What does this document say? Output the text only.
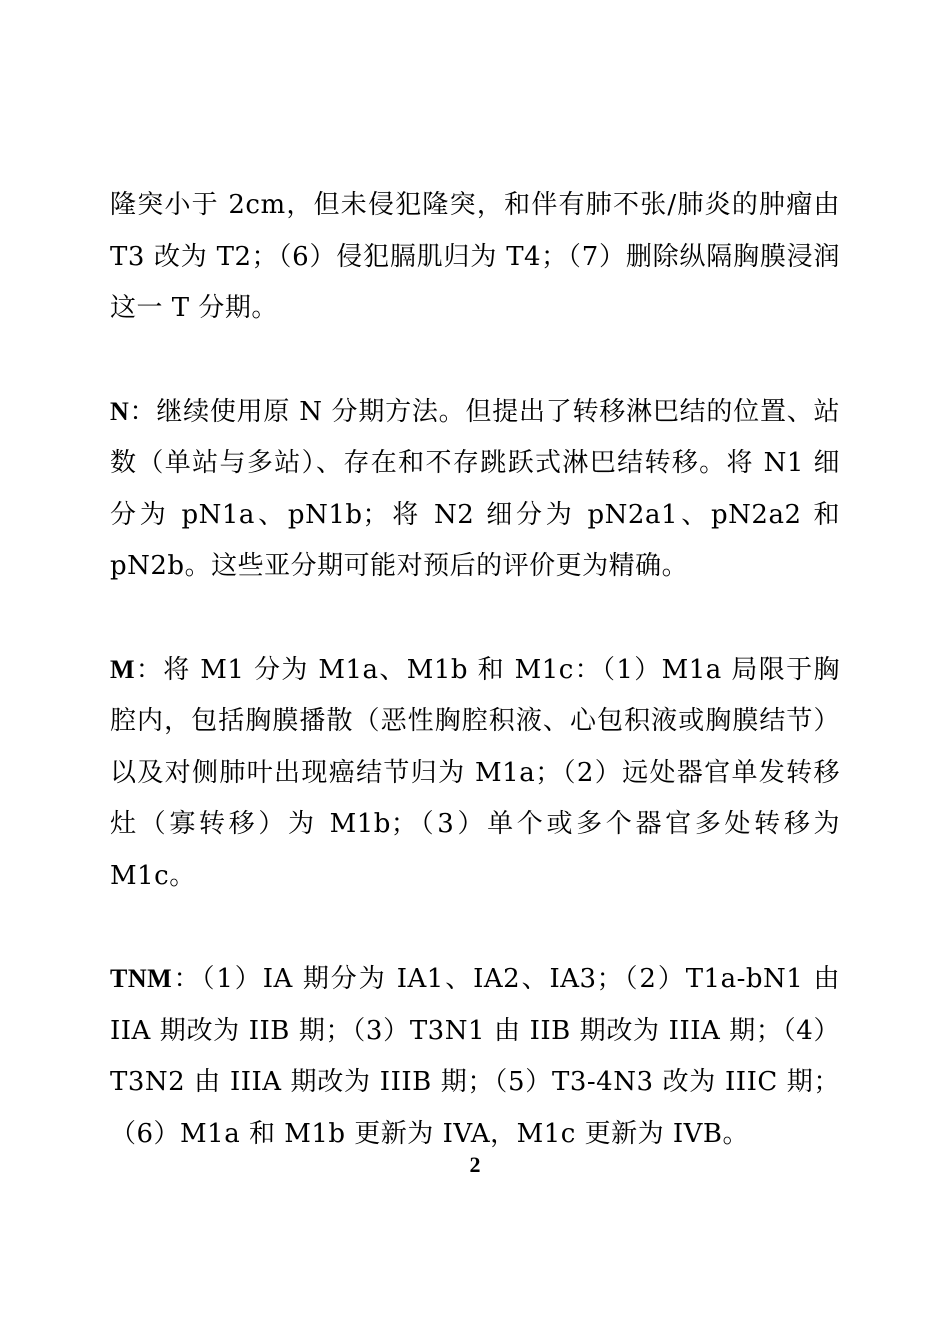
隆突小于 2cm，但未侵犯隆突，和伴有肺不张/肺炎的肿瘤由 T3 改为 T2；（6）侵犯膈肌归为 T4；（7）删除纵隔胸膜浸润这一 T 分期。

N：继续使用原 N 分期方法。但提出了转移淋巴结的位置、站数（单站与多站）、存在和不存跳跃式淋巴结转移。将 N1 细分为 pN1a、pN1b；将 N2 细分为 pN2a1、pN2a2 和 pN2b。这些亚分期可能对预后的评价更为精确。

M：将 M1 分为 M1a、M1b 和 M1c：（1）M1a 局限于胸腔内，包括胸膜播散（恶性胸腔积液、心包积液或胸膜结节）以及对侧肺叶出现癌结节归为 M1a；（2）远处器官单发转移灶（寡转移）为 M1b；（3）单个或多个器官多处转移为 M1c。

TNM：（1）IA 期分为 IA1、IA2、IA3；（2）T1a-bN1 由 IIA 期改为 IIB 期；（3）T3N1 由 IIB 期改为 IIIA 期；（4）T3N2 由 IIIA 期改为 IIIB 期；（5）T3-4N3 改为 IIIC 期；（6）M1a 和 M1b 更新为 IVA，M1c 更新为 IVB。

2
